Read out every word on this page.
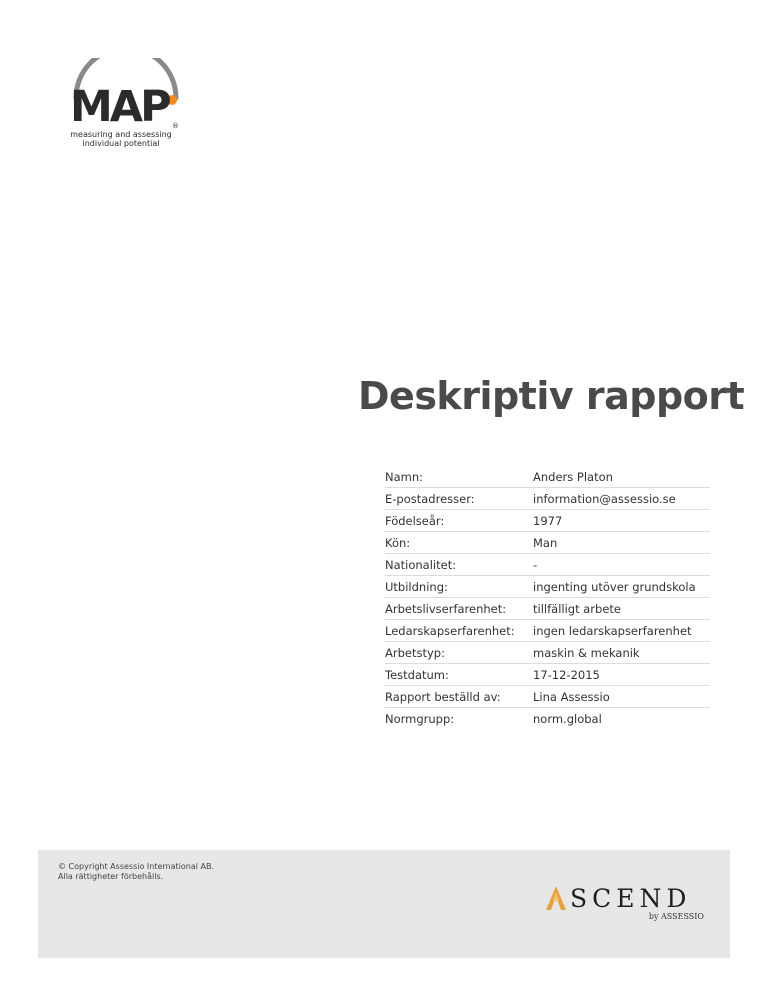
MAP ®
measuring and assessing
individual potential
Deskriptiv rapport
Namn:	Anders Platon
E-postadresser:	information@assessio.se
Födelseår:	1977
Kön:	Man
Nationalitet:	-
Utbildning:	ingenting utöver grundskola
Arbetslivserfarenhet:	tillfälligt arbete
Ledarskapserfarenhet:	ingen ledarskapserfarenhet
Arbetstyp:	maskin & mekanik
Testdatum:	17-12-2015
Rapport beställd av:	Lina Assessio
Normgrupp:	norm.global
© Copyright Assessio International AB.
Alla rättigheter förbehålls.
SCEND
by ASSESSIO
